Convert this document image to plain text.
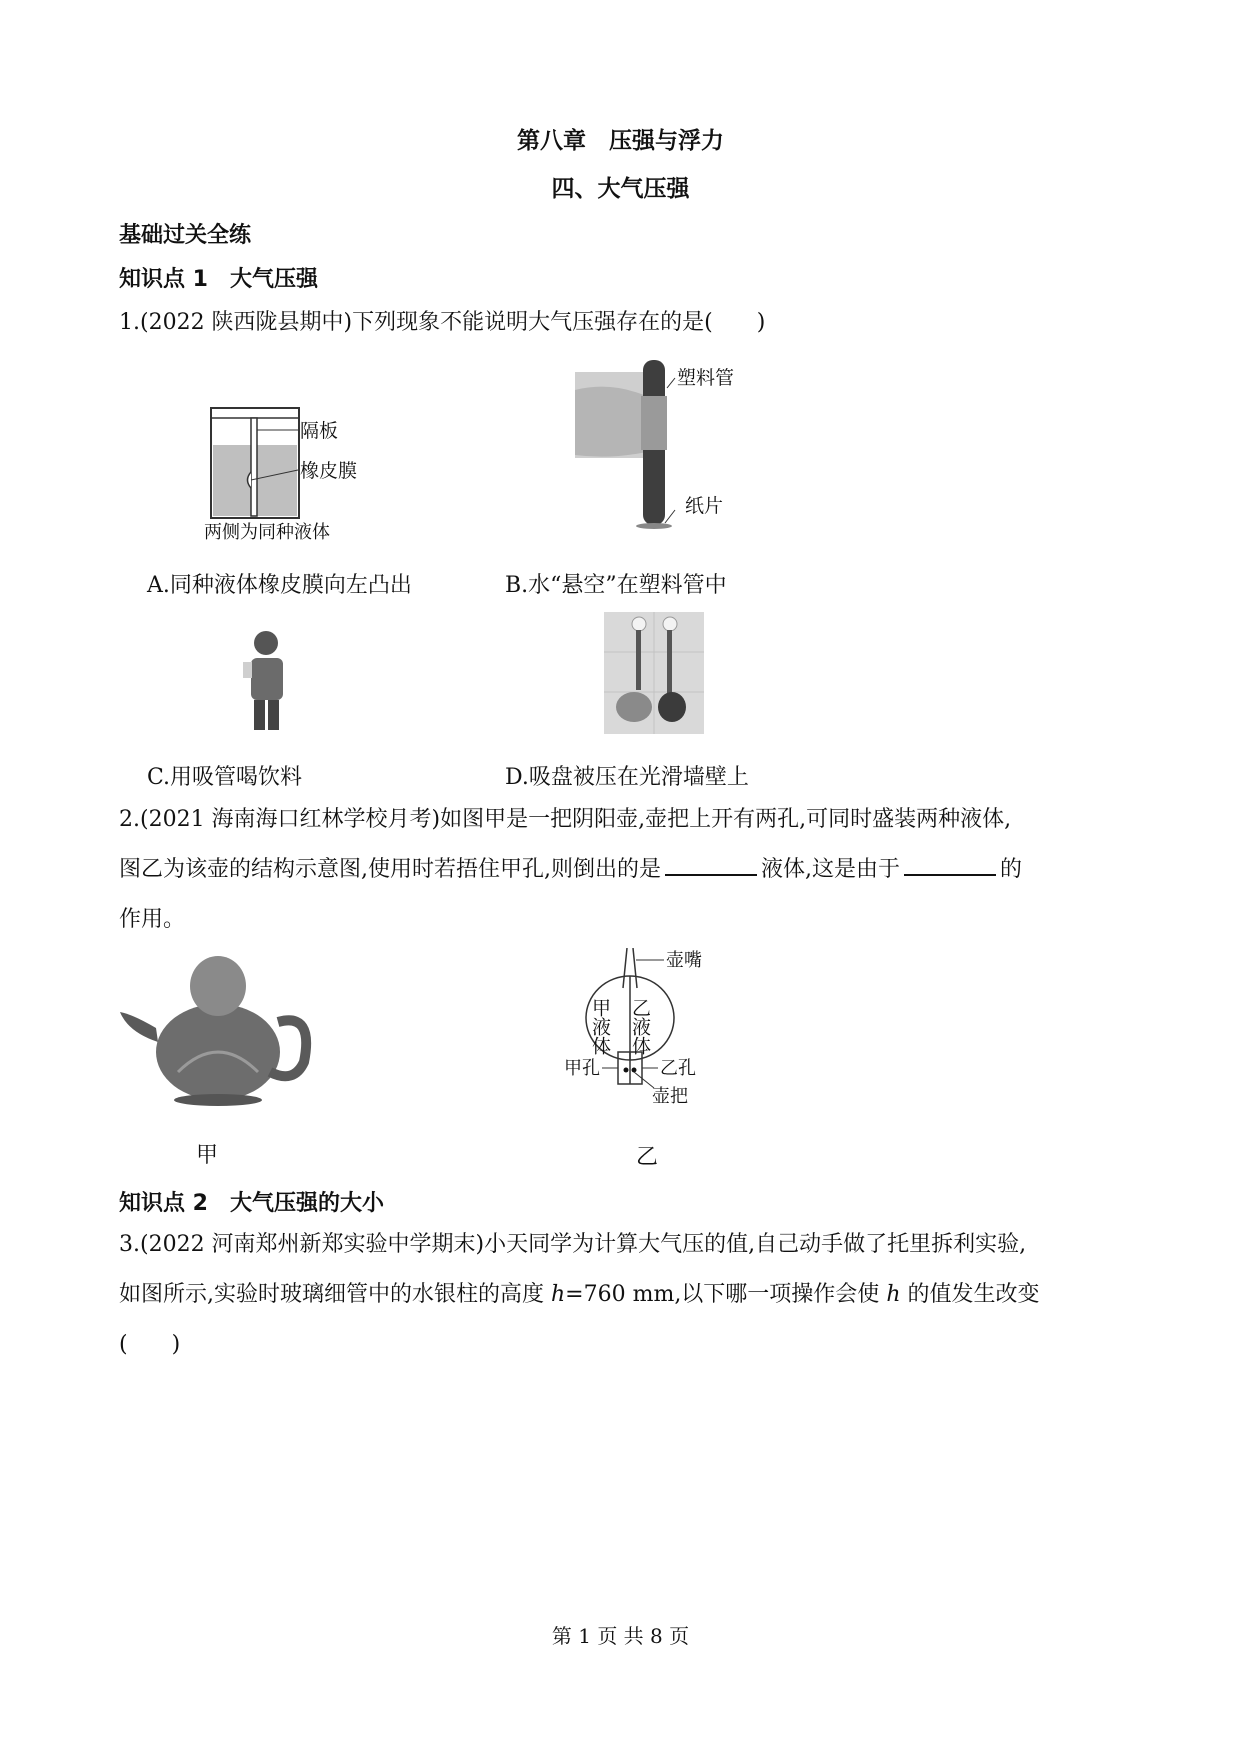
第八章　压强与浮力
四、大气压强
基础过关全练
知识点 1　大气压强
1.(2022 陕西陇县期中)下列现象不能说明大气压强存在的是(　　)
隔板
橡皮膜
两侧为同种液体
塑料管
纸片
A.同种液体橡皮膜向左凸出	B.水“悬空”在塑料管中
C.用吸管喝饮料	D.吸盘被压在光滑墙壁上
2.(2021 海南海口红林学校月考)如图甲是一把阴阳壶,壶把上开有两孔,可同时盛装两种液体,
图乙为该壶的结构示意图,使用时若捂住甲孔,则倒出的是	液体,这是由于	的
作用。
壶嘴
甲液体 乙液体
甲孔	乙孔
壶把
甲	乙
知识点 2　大气压强的大小
3.(2022 河南郑州新郑实验中学期末)小天同学为计算大气压的值,自己动手做了托里拆利实验,
如图所示,实验时玻璃细管中的水银柱的高度 h=760 mm,以下哪一项操作会使 h 的值发生改变
(　　)
第 1 页 共 8 页
